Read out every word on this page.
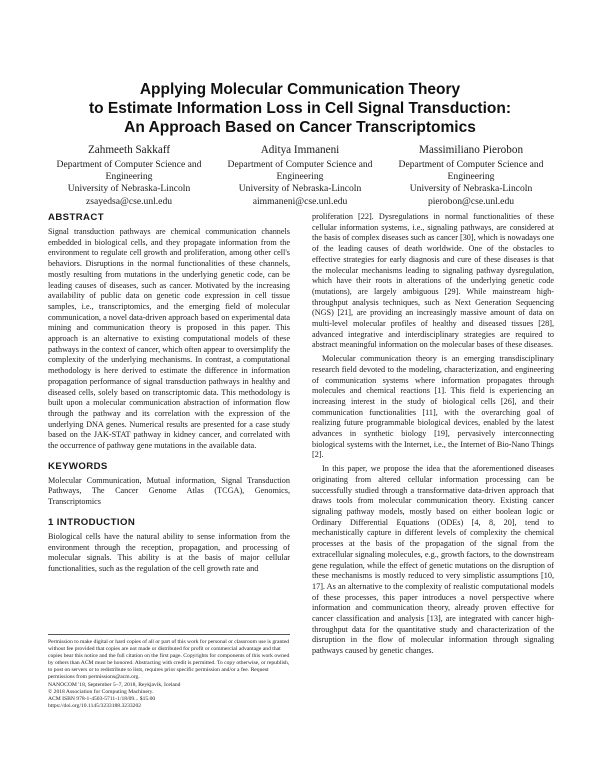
Applying Molecular Communication Theory
to Estimate Information Loss in Cell Signal Transduction:
An Approach Based on Cancer Transcriptomics
Zahmeeth Sakkaff
Department of Computer Science and
Engineering
University of Nebraska-Lincoln
zsayedsa@cse.unl.edu
Aditya Immaneni
Department of Computer Science and
Engineering
University of Nebraska-Lincoln
aimmaneni@cse.unl.edu
Massimiliano Pierobon
Department of Computer Science and
Engineering
University of Nebraska-Lincoln
pierobon@cse.unl.edu
ABSTRACT

Signal transduction pathways are chemical communication channels embedded in biological cells, and they propagate information from the environment to regulate cell growth and proliferation, among other cell's behaviors. Disruptions in the normal functionalities of these channels, mostly resulting from mutations in the underlying genetic code, can be leading causes of diseases, such as cancer. Motivated by the increasing availability of public data on genetic code expression in cell tissue samples, i.e., transcriptomics, and the emerging field of molecular communication, a novel data-driven approach based on experimental data mining and communication theory is proposed in this paper. This approach is an alternative to existing computational models of these pathways in the context of cancer, which often appear to oversimplify the complexity of the underlying mechanisms. In contrast, a computational methodology is here derived to estimate the difference in information propagation performance of signal transduction pathways in healthy and diseased cells, solely based on transcriptomic data. This methodology is built upon a molecular communication abstraction of information flow through the pathway and its correlation with the expression of the underlying DNA genes. Numerical results are presented for a case study based on the JAK-STAT pathway in kidney cancer, and correlated with the occurrence of pathway gene mutations in the available data.

KEYWORDS

Molecular Communication, Mutual information, Signal Transduction Pathways, The Cancer Genome Atlas (TCGA), Genomics, Transcriptomics

1 INTRODUCTION

Biological cells have the natural ability to sense information from the environment through the reception, propagation, and processing of molecular signals. This ability is at the basis of major cellular functionalities, such as the regulation of the cell growth rate and

Permission to make digital or hard copies of all or part of this work for personal or classroom use is granted without fee provided that copies are not made or distributed for profit or commercial advantage and that copies bear this notice and the full citation on the first page. Copyrights for components of this work owned by others than ACM must be honored. Abstracting with credit is permitted. To copy otherwise, or republish, to post on servers or to redistribute to lists, requires prior specific permission and/or a fee. Request permissions from permissions@acm.org.

NANOCOM '18, September 5–7, 2018, Reykjavik, Iceland

© 2018 Association for Computing Machinery.

ACM ISBN 978-1-4503-5711-1/18/09... $15.00

https://doi.org/10.1145/3233188.3233202

proliferation [22]. Dysregulations in normal functionalities of these cellular information systems, i.e., signaling pathways, are considered at the basis of complex diseases such as cancer [30], which is nowadays one of the leading causes of death worldwide. One of the obstacles to effective strategies for early diagnosis and cure of these diseases is that the molecular mechanisms leading to signaling pathway dysregulation, which have their roots in alterations of the underlying genetic code (mutations), are largely ambiguous [29]. While mainstream high-throughput analysis techniques, such as Next Generation Sequencing (NGS) [21], are providing an increasingly massive amount of data on multi-level molecular profiles of healthy and diseased tissues [28], advanced integrative and interdisciplinary strategies are required to abstract meaningful information on the molecular bases of these diseases.

Molecular communication theory is an emerging transdisciplinary research field devoted to the modeling, characterization, and engineering of communication systems where information propagates through molecules and chemical reactions [1]. This field is experiencing an increasing interest in the study of biological cells [26], and their communication functionalities [11], with the overarching goal of realizing future programmable biological devices, enabled by the latest advances in synthetic biology [19], pervasively interconnecting biological systems with the Internet, i.e., the Internet of Bio-Nano Things [2].

In this paper, we propose the idea that the aforementioned diseases originating from altered cellular information processing can be successfully studied through a transformative data-driven approach that draws tools from molecular communication theory. Existing cancer signaling pathway models, mostly based on either boolean logic or Ordinary Differential Equations (ODEs) [4, 8, 20], tend to mechanistically capture in different levels of complexity the chemical processes at the basis of the propagation of the signal from the extracellular signaling molecules, e.g., growth factors, to the downstream gene regulation, while the effect of genetic mutations on the disruption of these mechanisms is mostly reduced to very simplistic assumptions [10, 17]. As an alternative to the complexity of realistic computational models of these processes, this paper introduces a novel perspective where information and communication theory, already proven effective for cancer classification and analysis [13], are integrated with cancer high-throughput data for the quantitative study and characterization of the disruption in the flow of molecular information through signaling pathways caused by genetic changes.
